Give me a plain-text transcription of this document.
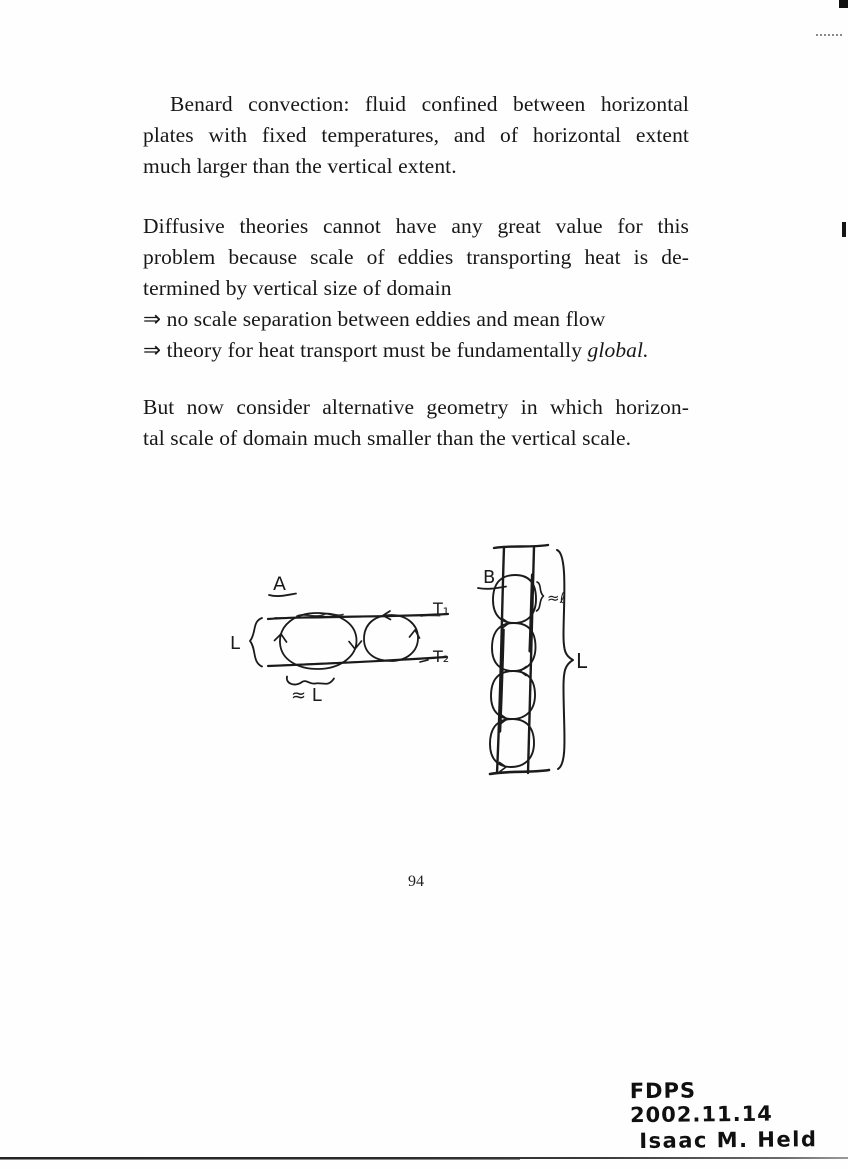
Benard convection: fluid confined between horizontal
plates with fixed temperatures, and of horizontal extent
much larger than the vertical extent.
Diffusive theories cannot have any great value for this
problem because scale of eddies transporting heat is de-
termined by vertical size of domain
⇒ no scale separation between eddies and mean flow
⇒ theory for heat transport must be fundamentally global.
But now consider alternative geometry in which horizon-
tal scale of domain much smaller than the vertical scale.
A
L
≈ L
T₁
T₂
B
≈ℓ
L
94
FDPS 2002.11.14
Isaac M. Held
